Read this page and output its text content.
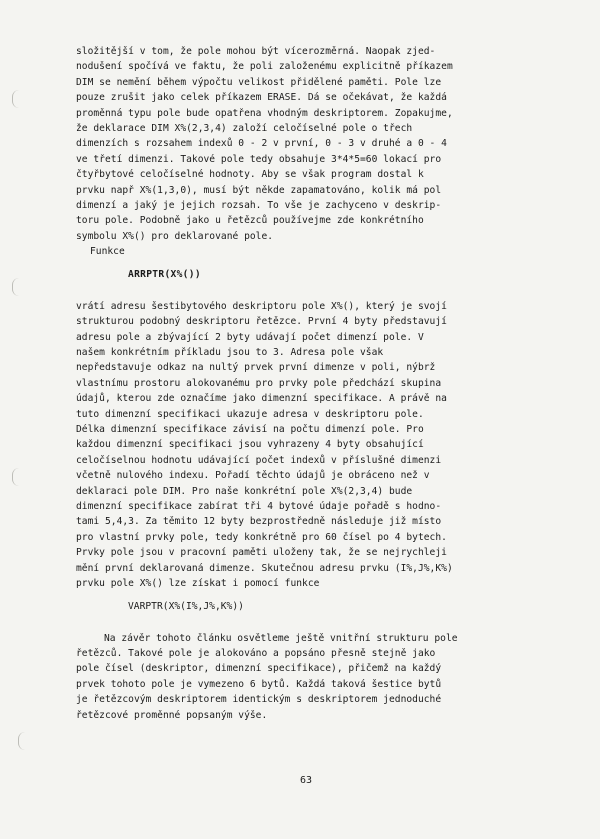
složitější v tom, že pole mohou být vícerozměrná. Naopak zjed-
nodušení spočívá ve faktu, že poli založenému explicitně příkazem
DIM se nemění během výpočtu velikost přidělené paměti. Pole lze
pouze zrušit jako celek příkazem ERASE. Dá se očekávat, že každá
proměnná typu pole bude opatřena vhodným deskriptorem. Zopakujme,
že deklarace DIM X%(2,3,4) založí celočíselné pole o třech
dimenzích s rozsahem indexů 0 - 2 v první, 0 - 3 v druhé a 0 - 4
ve třetí dimenzi. Takové pole tedy obsahuje 3*4*5=60 lokací pro
čtyřbytové celočíselné hodnoty. Aby se však program dostal k
prvku např X%(1,3,0), musí být někde zapamatováno, kolik má pol
dimenzí a jaký je jejich rozsah. To vše je zachyceno v deskrip-
toru pole. Podobně jako u řetězců používejme zde konkrétního
symbolu X%() pro deklarované pole.
Funkce
ARRPTR(X%())
vrátí adresu šestibytového deskriptoru pole X%(), který je svojí
strukturou podobný deskriptoru řetězce. První 4 byty představují
adresu pole a zbývající 2 byty udávají počet dimenzí pole. V
našem konkrétním příkladu jsou to 3. Adresa pole však
nepředstavuje odkaz na nultý prvek první dimenze v poli, nýbrž
vlastnímu prostoru alokovanému pro prvky pole předchází skupina
údajů, kterou zde označíme jako dimenzní specifikace. A právě na
tuto dimenzní specifikaci ukazuje adresa v deskriptoru pole.
Délka dimenzní specifikace závisí na počtu dimenzí pole. Pro
každou dimenzní specifikaci jsou vyhrazeny 4 byty obsahující
celočíselnou hodnotu udávající počet indexů v příslušné dimenzi
včetně nulového indexu. Pořadí těchto údajů je obráceno než v
deklaraci pole DIM. Pro naše konkrétní pole X%(2,3,4) bude
dimenzní specifikace zabírat tři 4 bytové údaje pořadě s hodno-
tami 5,4,3. Za těmito 12 byty bezprostředně následuje již místo
pro vlastní prvky pole, tedy konkrétně pro 60 čísel po 4 bytech.
Prvky pole jsou v pracovní paměti uloženy tak, že se nejrychleji
mění první deklarovaná dimenze. Skutečnou adresu prvku (I%,J%,K%)
prvku pole X%() lze získat i pomocí funkce
VARPTR(X%(I%,J%,K%))
Na závěr tohoto článku osvětleme ještě vnitřní strukturu pole
řetězců. Takové pole je alokováno a popsáno přesně stejně jako
pole čísel (deskriptor, dimenzní specifikace), přičemž na každý
prvek tohoto pole je vymezeno 6 bytů. Každá taková šestice bytů
je řetězcovým deskriptorem identickým s deskriptorem jednoduché
řetězcové proměnné popsaným výše.
63
